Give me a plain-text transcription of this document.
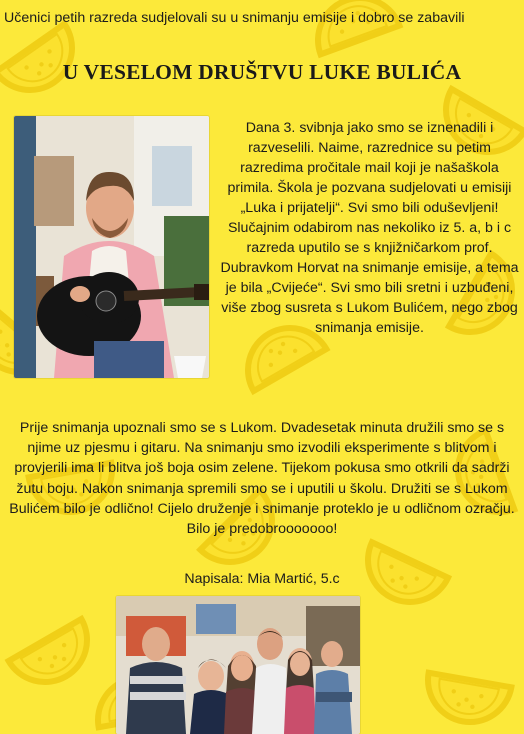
Učenici petih razreda sudjelovali su u snimanju emisije i dobro se zabavili
U VESELOM DRUŠTVU LUKE BULIĆA

Dana 3. svibnja jako smo se iznenadili i razveselili. Naime, razrednice su petim razredima pročitale mail koji je našaškola primila. Škola je pozvana sudjelovati u emisiji „Luka i prijatelji“. Svi smo bili oduševljeni! Slučajnim odabirom nas nekoliko iz 5. a, b i c razreda uputilo se s knjižničarkom prof. Dubravkom Horvat na snimanje emisije, a tema je bila „Cvijeće“. Svi smo bili sretni i uzbuđeni, više zbog susreta s Lukom Bulićem, nego zbog snimanja emisije.

Prije snimanja upoznali smo se s Lukom. Dvadesetak minuta družili smo se s njime uz pjesmu i gitaru. Na snimanju smo izvodili eksperimente s blitvom i provjerili ima li blitva još boja osim zelene. Tijekom pokusa smo otkrili da sadrži žutu boju. Nakon snimanja spremili smo se i uputili u školu. Družiti se s Lukom Bulićem bilo je odlično! Cijelo druženje i snimanje proteklo je u odličnom ozračju. Bilo je predobrooooooo!

Napisala: Mia Martić, 5.c
